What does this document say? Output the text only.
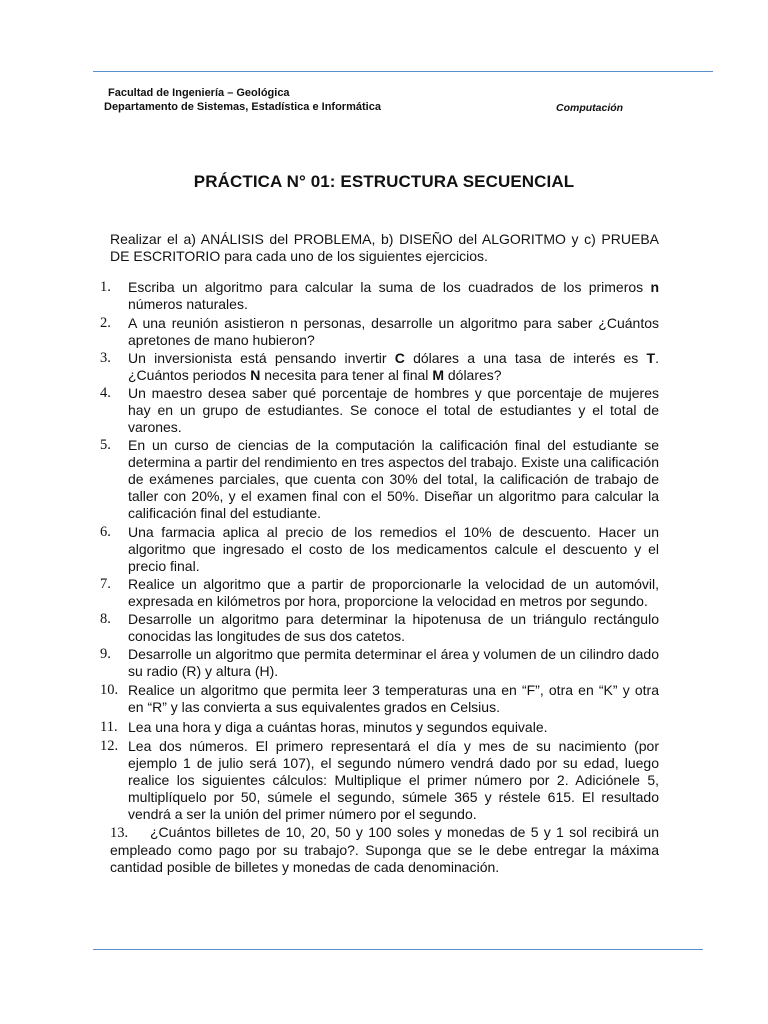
Facultad de Ingeniería – Geológica
Departamento de Sistemas, Estadística e Informática	Computación
PRÁCTICA N° 01: ESTRUCTURA SECUENCIAL
Realizar el a) ANÁLISIS del PROBLEMA, b) DISEÑO del ALGORITMO y c) PRUEBA DE ESCRITORIO para cada uno de los siguientes ejercicios.
1.	Escriba un algoritmo para calcular la suma de los cuadrados de los primeros n números naturales.
2.	A una reunión asistieron n personas, desarrolle un algoritmo para saber ¿Cuántos apretones de mano hubieron?
3.	Un inversionista está pensando invertir C dólares a una tasa de interés es T. ¿Cuántos periodos N necesita para tener al final M dólares?
4.	Un maestro desea saber qué porcentaje de hombres y que porcentaje de mujeres hay en un grupo de estudiantes. Se conoce el total de estudiantes y el total de varones.
5.	En un curso de ciencias de la computación la calificación final del estudiante se determina a partir del rendimiento en tres aspectos del trabajo. Existe una calificación de exámenes parciales, que cuenta con 30% del total, la calificación de trabajo de taller con 20%, y el examen final con el 50%. Diseñar un algoritmo para calcular la calificación final del estudiante.
6.	Una farmacia aplica al precio de los remedios el 10% de descuento. Hacer un algoritmo que ingresado el costo de los medicamentos calcule el descuento y el precio final.
7.	Realice un algoritmo que a partir de proporcionarle la velocidad de un automóvil, expresada en kilómetros por hora, proporcione la velocidad en metros por segundo.
8.	Desarrolle un algoritmo para determinar la hipotenusa de un triángulo rectángulo conocidas las longitudes de sus dos catetos.
9.	Desarrolle un algoritmo que permita determinar el área y volumen de un cilindro dado su radio (R) y altura (H).
10. Realice un algoritmo que permita leer 3 temperaturas una en “F”, otra en “K” y otra en “R” y las convierta a sus equivalentes grados en Celsius.
11. Lea una hora y diga a cuántas horas, minutos y segundos equivale.
12. Lea dos números. El primero representará el día y mes de su nacimiento (por ejemplo 1 de julio será 107), el segundo número vendrá dado por su edad, luego realice los siguientes cálculos: Multiplique el primer número por 2. Adiciónele 5, multiplíquelo por 50, súmele el segundo, súmele 365 y réstele 615. El resultado vendrá a ser la unión del primer número por el segundo.
13. ¿Cuántos billetes de 10, 20, 50 y 100 soles y monedas de 5 y 1 sol recibirá un empleado como pago por su trabajo?. Suponga que se le debe entregar la máxima cantidad posible de billetes y monedas de cada denominación.
